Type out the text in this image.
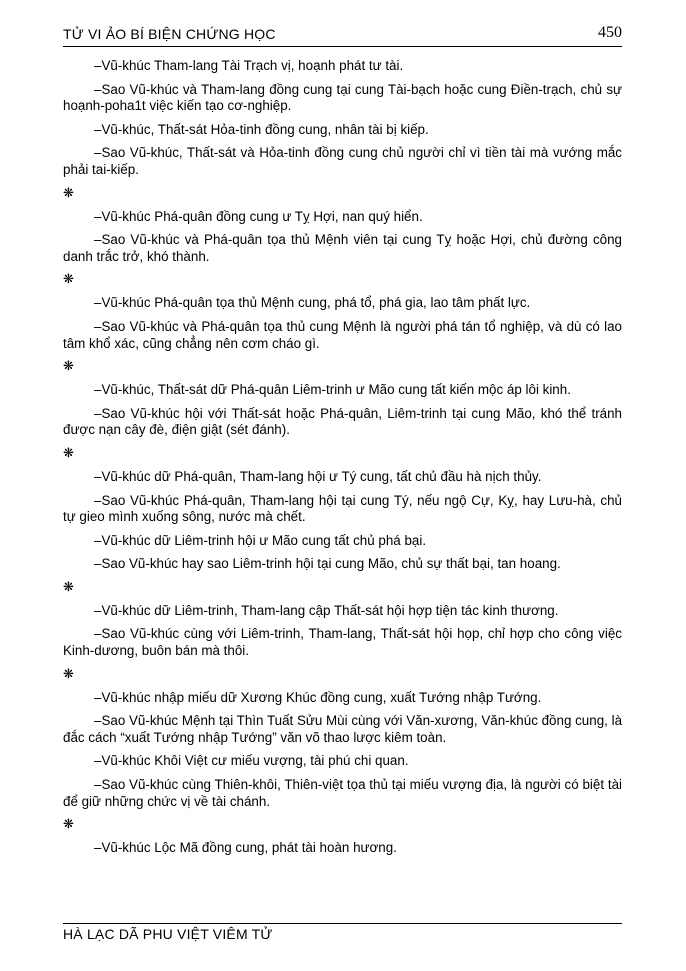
TỬ VI ẢO BÍ BIỆN CHỨNG HỌC	450
–Vũ-khúc Tham-lang Tài Trạch vị, hoạnh phát tư tài.
–Sao Vũ-khúc và Tham-lang đồng cung tại cung Tài-bạch hoặc cung Điền-trạch, chủ sự hoạnh-poha1t việc kiến tạo cơ-nghiệp.
–Vũ-khúc, Thất-sát Hỏa-tinh đồng cung, nhân tài bị kiếp.
–Sao Vũ-khúc, Thất-sát và Hỏa-tinh đồng cung chủ người chỉ vì tiền tài mà vướng mắc phải tai-kiếp.
❋
–Vũ-khúc Phá-quân đồng cung ư Tỵ Hợi, nan quý hiển.
–Sao Vũ-khúc và Phá-quân tọa thủ Mệnh viên tại cung Tỵ hoặc Hợi, chủ đường công danh trắc trở, khó thành.
❋
–Vũ-khúc Phá-quân tọa thủ Mệnh cung, phá tổ, phá gia, lao tâm phất lực.
–Sao Vũ-khúc và Phá-quân tọa thủ cung Mệnh là người phá tán tổ nghiệp, và dù có lao tâm khổ xác, cũng chẳng nên cơm cháo gì.
❋
–Vũ-khúc, Thất-sát dữ Phá-quân Liêm-trinh ư Mão cung tất kiến mộc áp lôi kinh.
–Sao Vũ-khúc hội với Thất-sát hoặc Phá-quân, Liêm-trinh tại cung Mão, khó thể tránh được nạn cây đè, điện giật (sét đánh).
❋
–Vũ-khúc dữ Phá-quân, Tham-lang hội ư Tý cung, tất chủ đầu hà nịch thủy.
–Sao Vũ-khúc Phá-quân, Tham-lang hội tại cung Tý, nếu ngộ Cự, Kỵ, hay Lưu-hà, chủ tự gieo mình xuống sông, nước mà chết.
–Vũ-khúc dữ Liêm-trinh hội ư Mão cung tất chủ phá bại.
–Sao Vũ-khúc hay sao Liêm-trinh hội tại cung Mão, chủ sự thất bại, tan hoang.
❋
–Vũ-khúc dữ Liêm-trinh, Tham-lang cập Thất-sát hội hợp tiện tác kinh thương.
–Sao Vũ-khúc cùng với Liêm-trinh, Tham-lang, Thất-sát hội họp, chỉ hợp cho công việc Kinh-dương, buôn bán mà thôi.
❋
–Vũ-khúc nhập miếu dữ Xương Khúc đồng cung, xuất Tướng nhập Tướng.
–Sao Vũ-khúc Mệnh tại Thìn Tuất Sửu Mùi cùng với Văn-xương, Văn-khúc đồng cung, là đắc cách “xuất Tướng nhập Tướng” văn võ thao lược kiêm toàn.
–Vũ-khúc Khôi Việt cư miếu vượng, tài phú chi quan.
–Sao Vũ-khúc cùng Thiên-khôi, Thiên-việt tọa thủ tại miếu vượng địa, là người có biệt tài để giữ những chức vị về tài chánh.
❋
–Vũ-khúc Lộc Mã đồng cung, phát tài hoàn hương.
HÀ LẠC DÃ PHU VIỆT VIÊM TỬ
